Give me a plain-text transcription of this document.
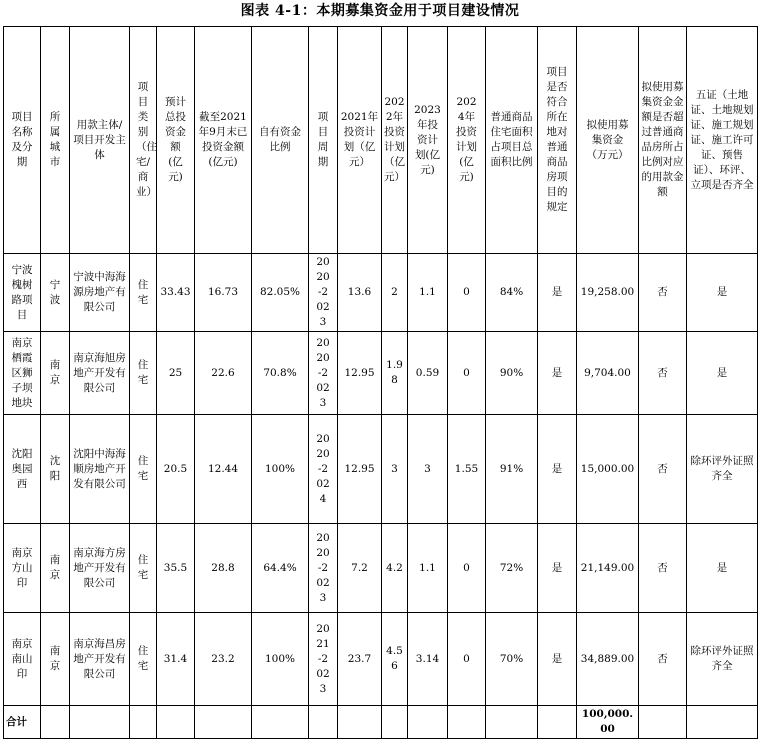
图表 4-1：本期募集资金用于项目建设情况
项目名称及分期	所属城市	用款主体/项目开发主体	项目类别（住宅/商业）	预计总投资金额(亿元)	截至2021年9月末已投资金额(亿元)	自有资金比例	项目周期	2021年投资计划（亿元）	2022年投资计划（亿元）	2023年投资计划(亿元)	2024年投资计划(亿元)	普通商品住宅面积占项目总面积比例	项目是否符合所在地对普通商品房项目的规定	拟使用募集资金（万元）	拟使用募集资金金额是否超过普通商品房所占比例对应的用款金额	五证（土地证、土地规划证、施工规划证、施工许可证、预售证）、环评、立项是否齐全
宁波槐树路项目	宁波	宁波中海海源房地产有限公司	住宅	33.43	16.73	82.05%	2020-2023	13.6	2	1.1	0	84%	是	19,258.00	否	是
南京栖霞区狮子坝地块	南京	南京海旭房地产开发有限公司	住宅	25	22.6	70.8%	2020-2023	12.95	1.98	0.59	0	90%	是	9,704.00	否	是
沈阳奥园西	沈阳	沈阳中海海顺房地产开发有限公司	住宅	20.5	12.44	100%	2020-2024	12.95	3	3	1.55	91%	是	15,000.00	否	除环评外证照齐全
南京方山印	南京	南京海方房地产开发有限公司	住宅	35.5	28.8	64.4%	2020-2023	7.2	4.2	1.1	0	72%	是	21,149.00	否	是
南京南山印	南京	南京海昌房地产开发有限公司	住宅	31.4	23.2	100%	2021-2023	23.7	4.56	3.14	0	70%	是	34,889.00	否	除环评外证照齐全
合计														100,000.00		
